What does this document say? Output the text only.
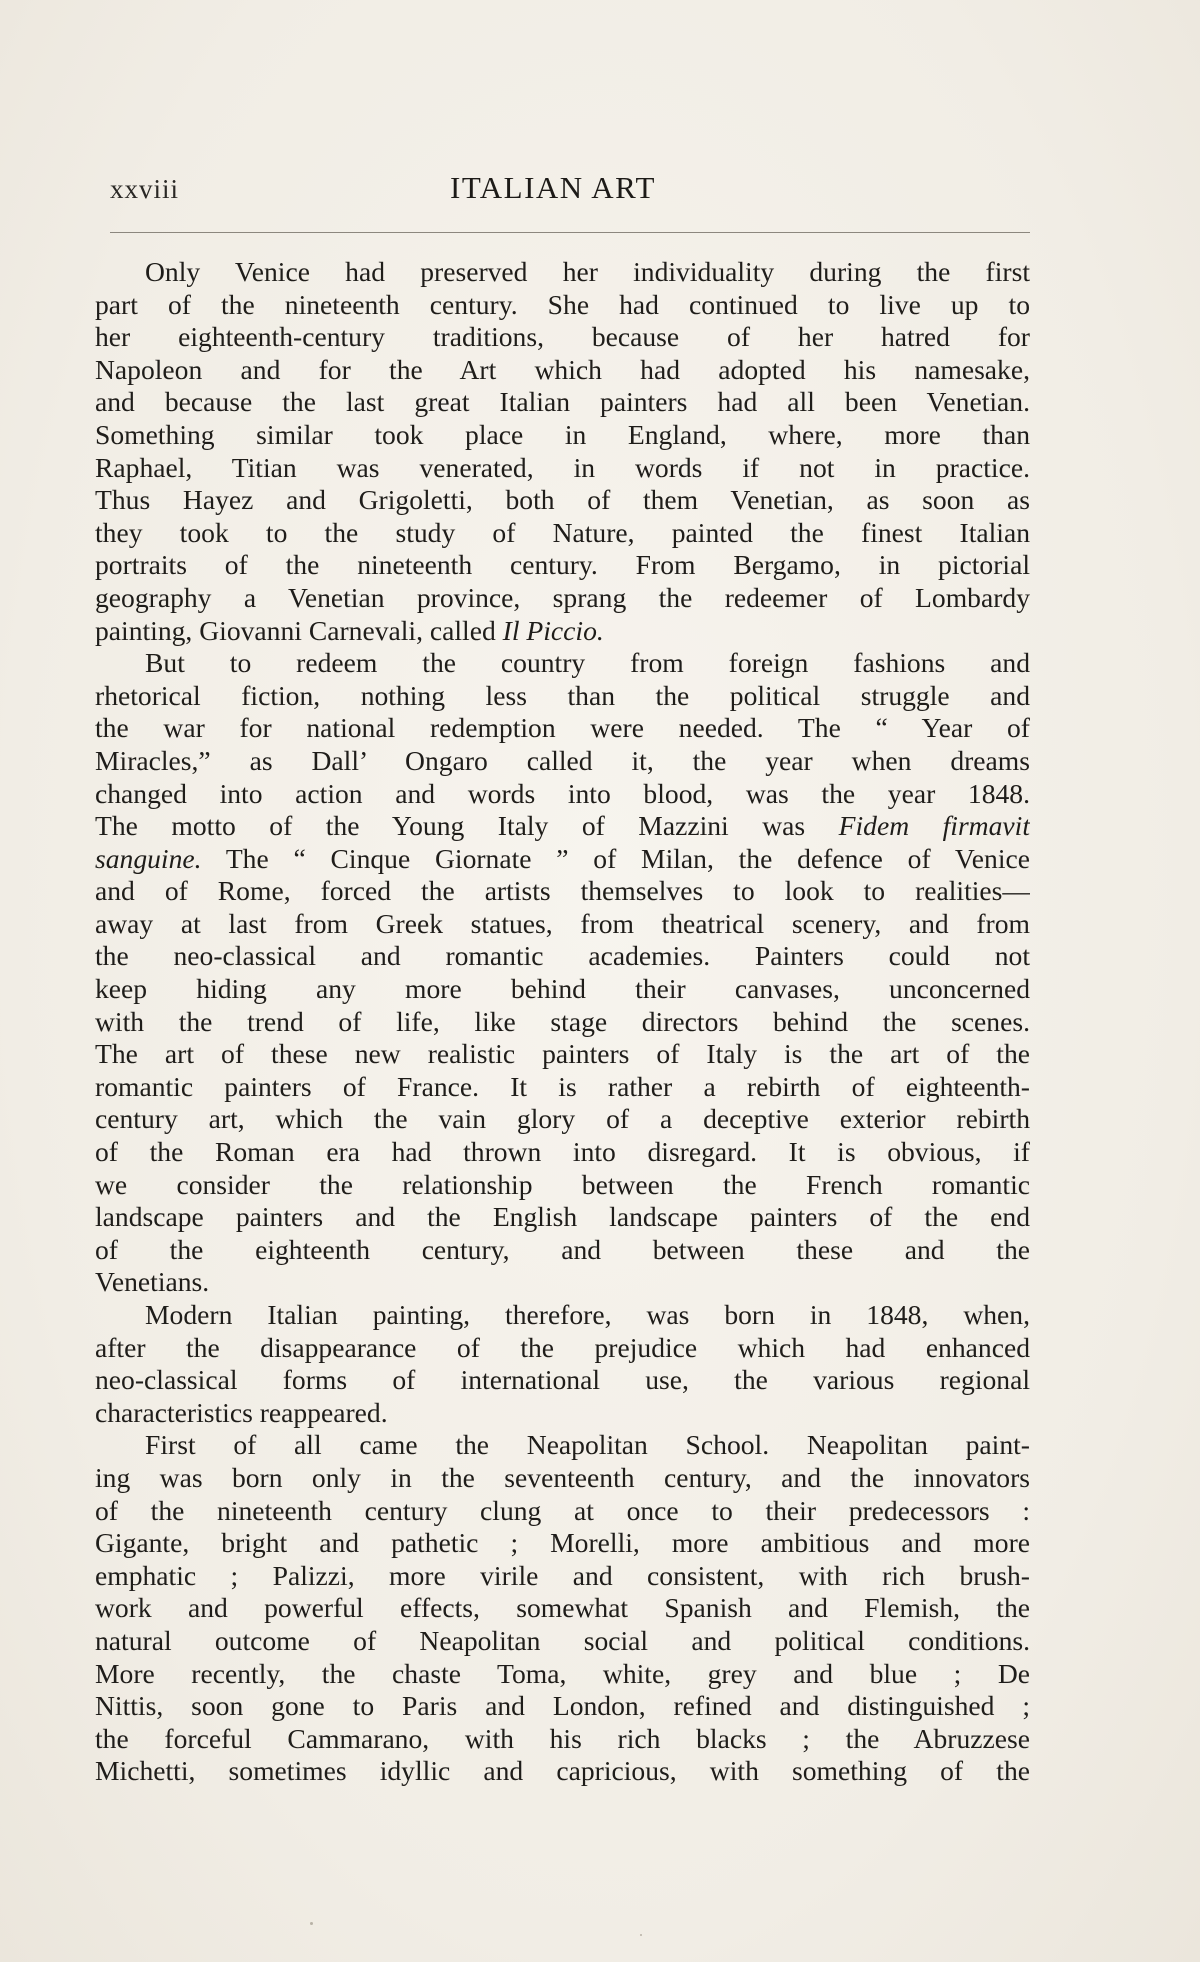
xxviii	ITALIAN ART
Only Venice had preserved her individuality during the first
part of the nineteenth century. She had continued to live up to
her eighteenth-century traditions, because of her hatred for
Napoleon and for the Art which had adopted his namesake,
and because the last great Italian painters had all been Venetian.
Something similar took place in England, where, more than
Raphael, Titian was venerated, in words if not in practice.
Thus Hayez and Grigoletti, both of them Venetian, as soon as
they took to the study of Nature, painted the finest Italian
portraits of the nineteenth century. From Bergamo, in pictorial
geography a Venetian province, sprang the redeemer of Lombardy
painting, Giovanni Carnevali, called Il Piccio.
But to redeem the country from foreign fashions and
rhetorical fiction, nothing less than the political struggle and
the war for national redemption were needed. The “ Year of
Miracles,” as Dall’ Ongaro called it, the year when dreams
changed into action and words into blood, was the year 1848.
The motto of the Young Italy of Mazzini was Fidem firmavit
sanguine. The “ Cinque Giornate ” of Milan, the defence of Venice
and of Rome, forced the artists themselves to look to realities—
away at last from Greek statues, from theatrical scenery, and from
the neo-classical and romantic academies. Painters could not
keep hiding any more behind their canvases, unconcerned
with the trend of life, like stage directors behind the scenes.
The art of these new realistic painters of Italy is the art of the
romantic painters of France. It is rather a rebirth of eighteenth-
century art, which the vain glory of a deceptive exterior rebirth
of the Roman era had thrown into disregard. It is obvious, if
we consider the relationship between the French romantic
landscape painters and the English landscape painters of the end
of the eighteenth century, and between these and the
Venetians.
Modern Italian painting, therefore, was born in 1848, when,
after the disappearance of the prejudice which had enhanced
neo-classical forms of international use, the various regional
characteristics reappeared.
First of all came the Neapolitan School. Neapolitan paint-
ing was born only in the seventeenth century, and the innovators
of the nineteenth century clung at once to their predecessors :
Gigante, bright and pathetic ; Morelli, more ambitious and more
emphatic ; Palizzi, more virile and consistent, with rich brush-
work and powerful effects, somewhat Spanish and Flemish, the
natural outcome of Neapolitan social and political conditions.
More recently, the chaste Toma, white, grey and blue ; De
Nittis, soon gone to Paris and London, refined and distinguished ;
the forceful Cammarano, with his rich blacks ; the Abruzzese
Michetti, sometimes idyllic and capricious, with something of the
